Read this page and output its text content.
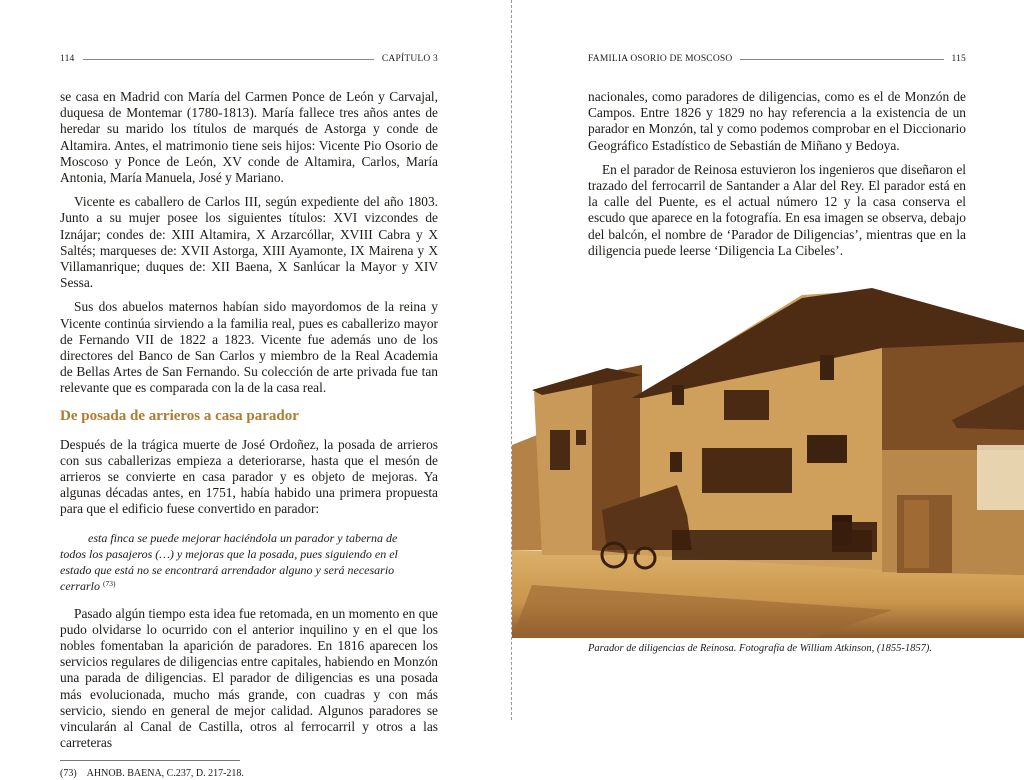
114	CAPÍTULO 3
se casa en Madrid con María del Carmen Ponce de León y Carvajal, duquesa de Montemar (1780-1813). María fallece tres años antes de heredar su marido los títulos de marqués de Astorga y conde de Altamira. Antes, el matrimonio tiene seis hijos: Vicente Pio Osorio de Moscoso y Ponce de León, XV conde de Altamira, Carlos, María Antonia, María Manuela, José y Mariano.
Vicente es caballero de Carlos III, según expediente del año 1803. Junto a su mujer posee los siguientes títulos: XVI vizcondes de Iznájar; condes de: XIII Altamira, X Arzarcóllar, XVIII Cabra y X Saltés; marqueses de: XVII Astorga, XIII Ayamonte, IX Mairena y X Villamanrique; duques de: XII Baena, X Sanlúcar la Mayor y XIV Sessa.
Sus dos abuelos maternos habían sido mayordomos de la reina y Vicente continúa sirviendo a la familia real, pues es caballerizo mayor de Fernando VII de 1822 a 1823. Vicente fue además uno de los directores del Banco de San Carlos y miembro de la Real Academia de Bellas Artes de San Fernando. Su colección de arte privada fue tan relevante que es comparada con la de la casa real.
De posada de arrieros a casa parador
Después de la trágica muerte de José Ordoñez, la posada de arrieros con sus caballerizas empieza a deteriorarse, hasta que el mesón de arrieros se convierte en casa parador y es objeto de mejoras. Ya algunas décadas antes, en 1751, había habido una primera propuesta para que el edificio fuese convertido en parador:
esta finca se puede mejorar haciéndola un parador y taberna de todos los pasajeros (…) y mejoras que la posada, pues siguiendo en el estado que está no se encontrará arrendador alguno y será necesario cerrarlo $^{(73)}$
Pasado algún tiempo esta idea fue retomada, en un momento en que pudo olvidarse lo ocurrido con el anterior inquilino y en el que los nobles fomentaban la aparición de paradores. En 1816 aparecen los servicios regulares de diligencias entre capitales, habiendo en Monzón una parada de diligencias. El parador de diligencias es una posada más evolucionada, mucho más grande, con cuadras y con más servicio, siendo en general de mejor calidad. Algunos paradores se vincularán al Canal de Castilla, otros al ferrocarril y otros a las carreteras
(73) AHNOB. BAENA, C.237, D. 217-218.
FAMILIA OSORIO DE MOSCOSO	115
nacionales, como paradores de diligencias, como es el de Monzón de Campos. Entre 1826 y 1829 no hay referencia a la existencia de un parador en Monzón, tal y como podemos comprobar en el Diccionario Geográfico Estadístico de Sebastián de Miñano y Bedoya.
En el parador de Reinosa estuvieron los ingenieros que diseñaron el trazado del ferrocarril de Santander a Alar del Rey. El parador está en la calle del Puente, es el actual número 12 y la casa conserva el escudo que aparece en la fotografía. En esa imagen se observa, debajo del balcón, el nombre de ‘Parador de Diligencias’, mientras que en la diligencia puede leerse ‘Diligencia La Cibeles’.
Parador de diligencias de Reinosa. Fotografía de William Atkinson, (1855-1857).
